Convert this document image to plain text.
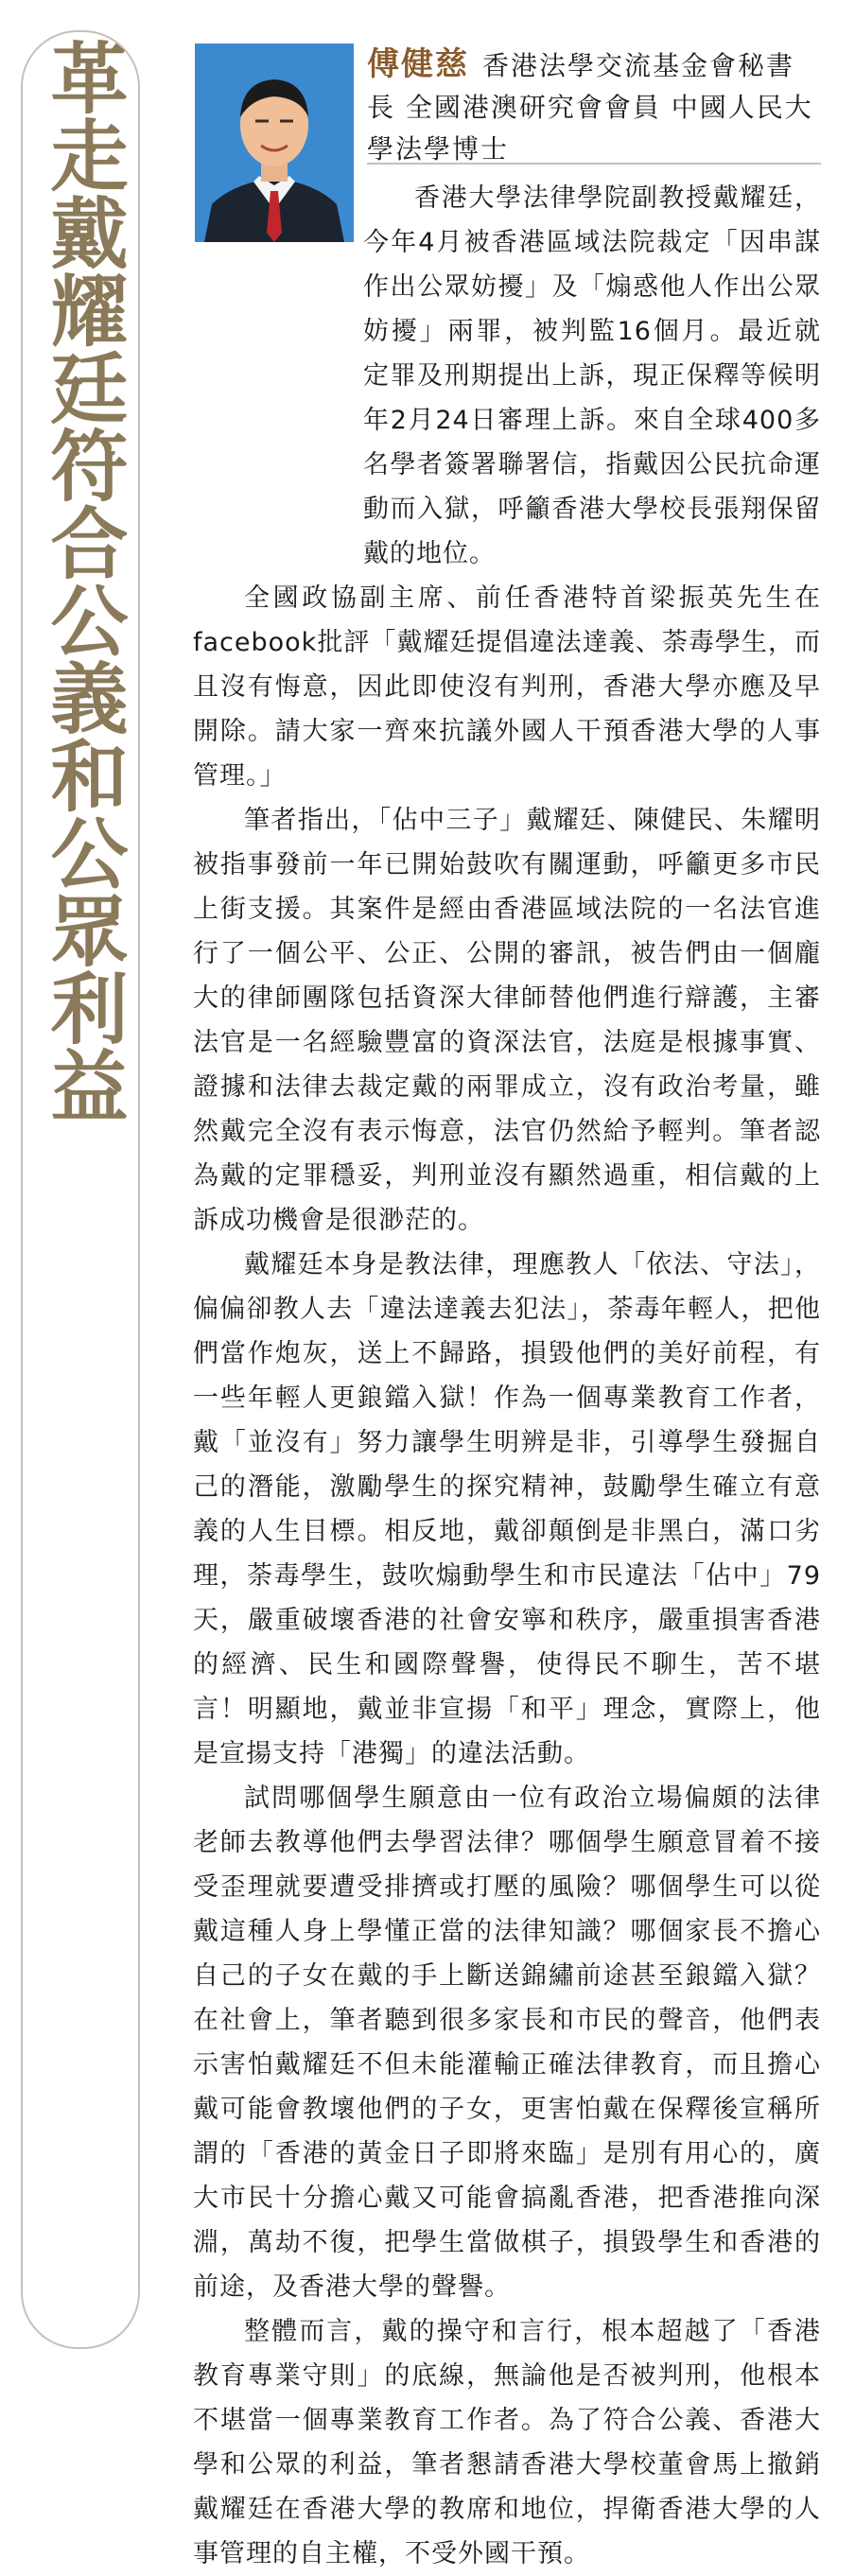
革走戴耀廷符合公義和公眾利益	傅健慈 香港法學交流基金會秘書長 全國港澳研究會會員 中國人民大學法學博士

香港大學法律學院副教授戴耀廷，今年4月被香港區域法院裁定「因串謀作出公眾妨擾」及「煽惑他人作出公眾妨擾」兩罪，被判監16個月。最近就定罪及刑期提出上訴，現正保釋等候明年2月24日審理上訴。來自全球400多名學者簽署聯署信，指戴因公民抗命運動而入獄，呼籲香港大學校長張翔保留戴的地位。

全國政協副主席、前任香港特首梁振英先生在facebook批評「戴耀廷提倡違法達義、荼毒學生，而且沒有悔意，因此即使沒有判刑，香港大學亦應及早開除。請大家一齊來抗議外國人干預香港大學的人事管理。」

筆者指出，「佔中三子」戴耀廷、陳健民、朱耀明被指事發前一年已開始鼓吹有關運動，呼籲更多市民上街支援。其案件是經由香港區域法院的一名法官進行了一個公平、公正、公開的審訊，被告們由一個龐大的律師團隊包括資深大律師替他們進行辯護，主審法官是一名經驗豐富的資深法官，法庭是根據事實、證據和法律去裁定戴的兩罪成立，沒有政治考量，雖然戴完全沒有表示悔意，法官仍然給予輕判。筆者認為戴的定罪穩妥，判刑並沒有顯然過重，相信戴的上訴成功機會是很渺茫的。

戴耀廷本身是教法律，理應教人「依法、守法」，偏偏卻教人去「違法達義去犯法」，荼毒年輕人，把他們當作炮灰，送上不歸路，損毀他們的美好前程，有一些年輕人更鋃鐺入獄！作為一個專業教育工作者，戴「並沒有」努力讓學生明辨是非，引導學生發掘自己的潛能，激勵學生的探究精神，鼓勵學生確立有意義的人生目標。相反地，戴卻顛倒是非黑白，滿口劣理，荼毒學生，鼓吹煽動學生和市民違法「佔中」79天，嚴重破壞香港的社會安寧和秩序，嚴重損害香港的經濟、民生和國際聲譽，使得民不聊生，苦不堪言！明顯地，戴並非宣揚「和平」理念，實際上，他是宣揚支持「港獨」的違法活動。

試問哪個學生願意由一位有政治立場偏頗的法律老師去教導他們去學習法律？哪個學生願意冒着不接受歪理就要遭受排擠或打壓的風險？哪個學生可以從戴這種人身上學懂正當的法律知識？哪個家長不擔心自己的子女在戴的手上斷送錦繡前途甚至鋃鐺入獄？在社會上，筆者聽到很多家長和市民的聲音，他們表示害怕戴耀廷不但未能灌輸正確法律教育，而且擔心戴可能會教壞他們的子女，更害怕戴在保釋後宣稱所謂的「香港的黃金日子即將來臨」是別有用心的，廣大市民十分擔心戴又可能會搞亂香港，把香港推向深淵，萬劫不復，把學生當做棋子，損毀學生和香港的前途，及香港大學的聲譽。

整體而言，戴的操守和言行，根本超越了「香港教育專業守則」的底線，無論他是否被判刑，他根本不堪當一個專業教育工作者。為了符合公義、香港大學和公眾的利益，筆者懇請香港大學校董會馬上撤銷戴耀廷在香港大學的教席和地位，捍衛香港大學的人事管理的自主權，不受外國干預。
